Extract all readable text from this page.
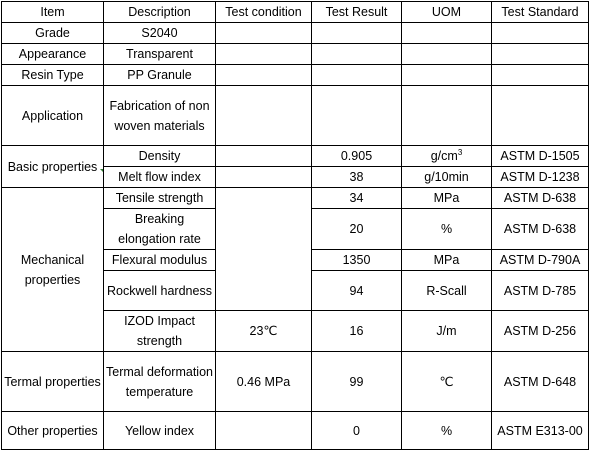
Item	Description	Test condition	Test Result	UOM	Test Standard
Grade	S2040				
Appearance	Transparent				
Resin Type	PP Granule				
Application	Fabrication of non woven materials				
Basic properties	Density		0.905	$g/cm^3$	ASTM D-1505
	Melt flow index		38	g/10min	ASTM D-1238
Mechanical properties	Tensile strength		34	MPa	ASTM D-638
	Breaking elongation rate		20	%	ASTM D-638
	Flexural modulus		1350	MPa	ASTM D-790A
	Rockwell hardness		94	R-Scall	ASTM D-785
	IZOD Impact strength	23℃	16	J/m	ASTM D-256
Termal properties	Termal deformation temperature	0.46 MPa	99	℃	ASTM D-648
Other properties	Yellow index		0	%	ASTM E313-00
